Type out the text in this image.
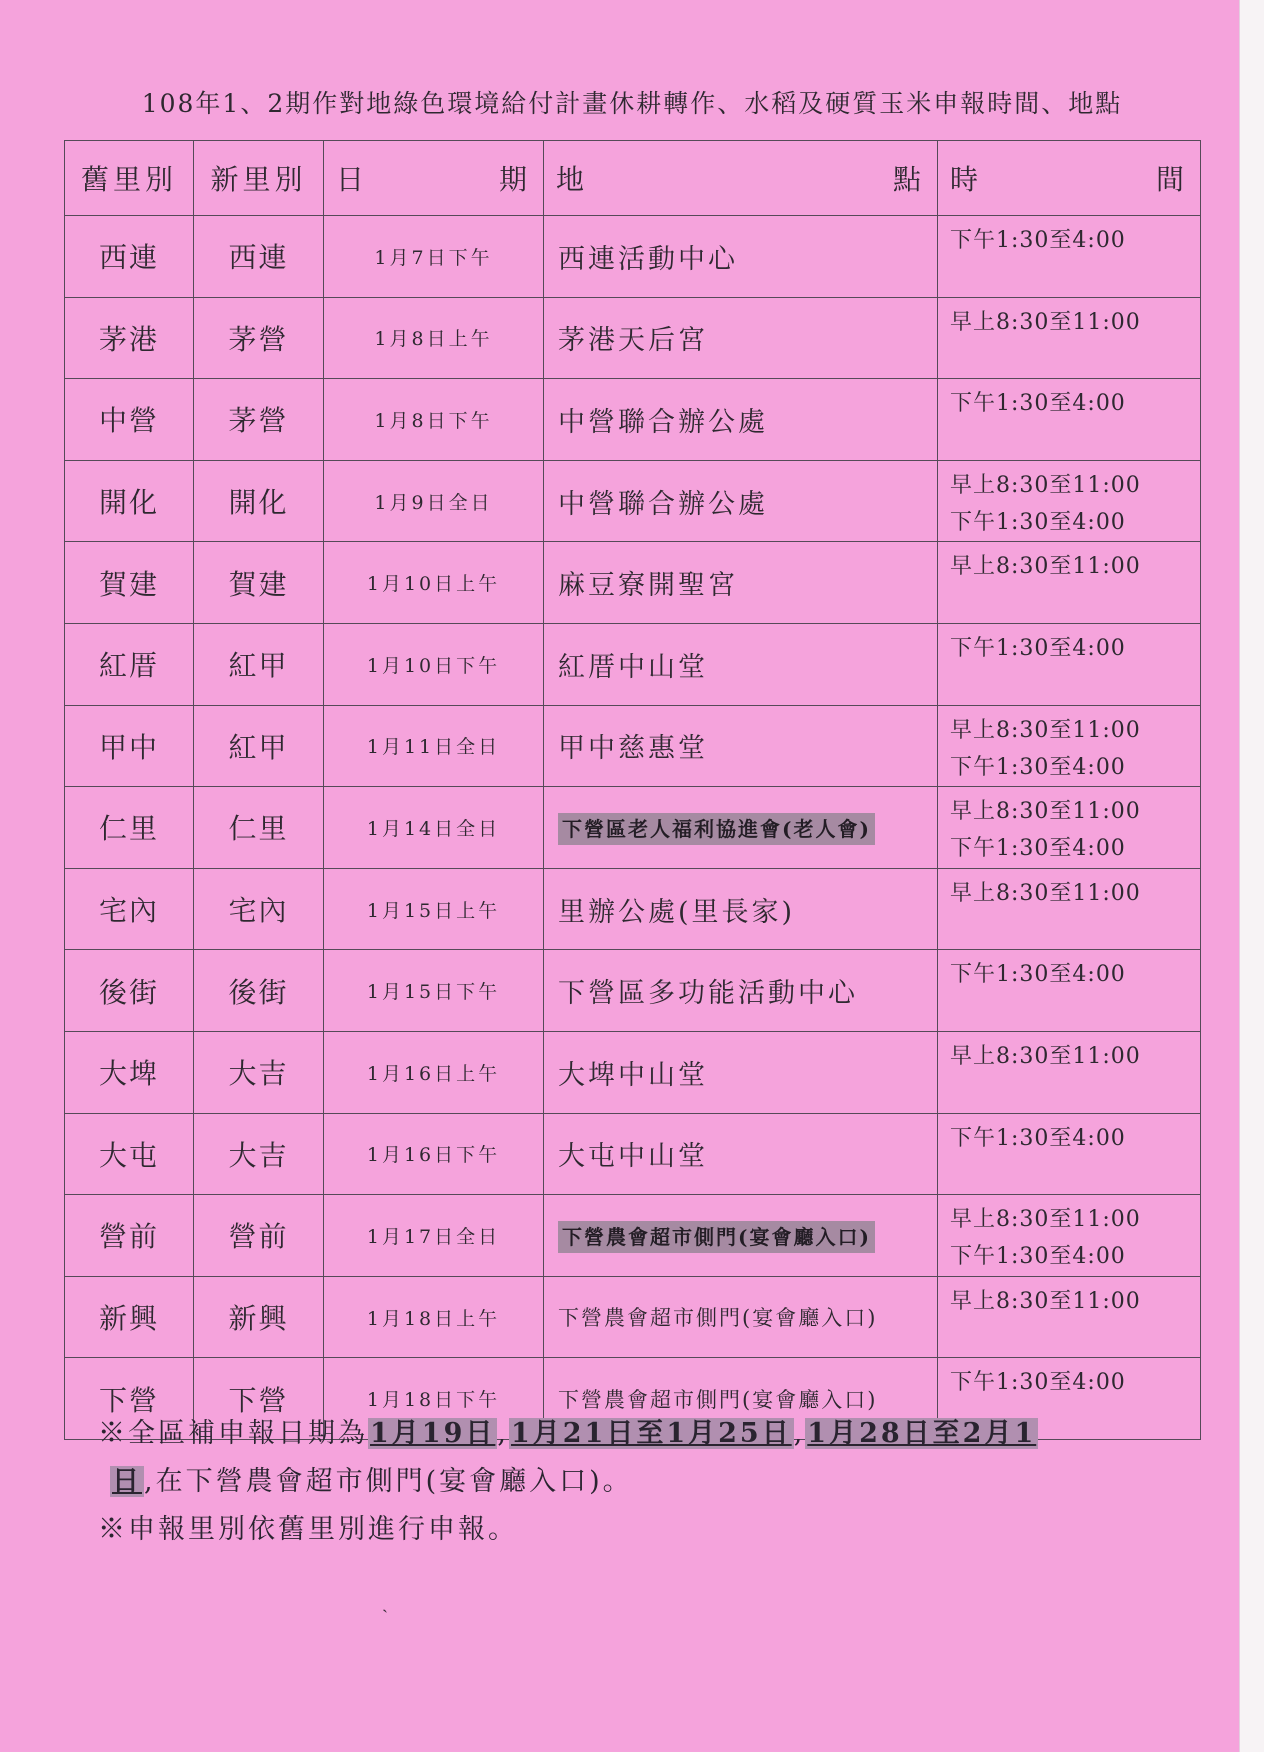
108年1、2期作對地綠色環境給付計畫休耕轉作、水稻及硬質玉米申報時間、地點
舊里別	新里別	日 期	地 點	時 間

西連	西連	1月7日下午	西連活動中心	下午1:30至4:00

茅港	茅營	1月8日上午	茅港天后宮	早上8:30至11:00

中營	茅營	1月8日下午	中營聯合辦公處	下午1:30至4:00

開化	開化	1月9日全日	中營聯合辦公處	早上8:30至11:00
下午1:30至4:00

賀建	賀建	1月10日上午	麻豆寮開聖宮	早上8:30至11:00

紅厝	紅甲	1月10日下午	紅厝中山堂	下午1:30至4:00

甲中	紅甲	1月11日全日	甲中慈惠堂	早上8:30至11:00
下午1:30至4:00

仁里	仁里	1月14日全日	下營區老人福利協進會(老人會)	早上8:30至11:00
下午1:30至4:00

宅內	宅內	1月15日上午	里辦公處(里長家)	早上8:30至11:00

後街	後街	1月15日下午	下營區多功能活動中心	下午1:30至4:00

大埤	大吉	1月16日上午	大埤中山堂	早上8:30至11:00

大屯	大吉	1月16日下午	大屯中山堂	下午1:30至4:00

營前	營前	1月17日全日	下營農會超市側門(宴會廳入口)	早上8:30至11:00
下午1:30至4:00

新興	新興	1月18日上午	下營農會超市側門(宴會廳入口)	早上8:30至11:00

下營	下營	1月18日下午	下營農會超市側門(宴會廳入口)	下午1:30至4:00
※全區補申報日期為1月19日,1月21日至1月25日,1月28日至2月1
日,在下營農會超市側門(宴會廳入口)。
※申報里別依舊里別進行申報。
˴
